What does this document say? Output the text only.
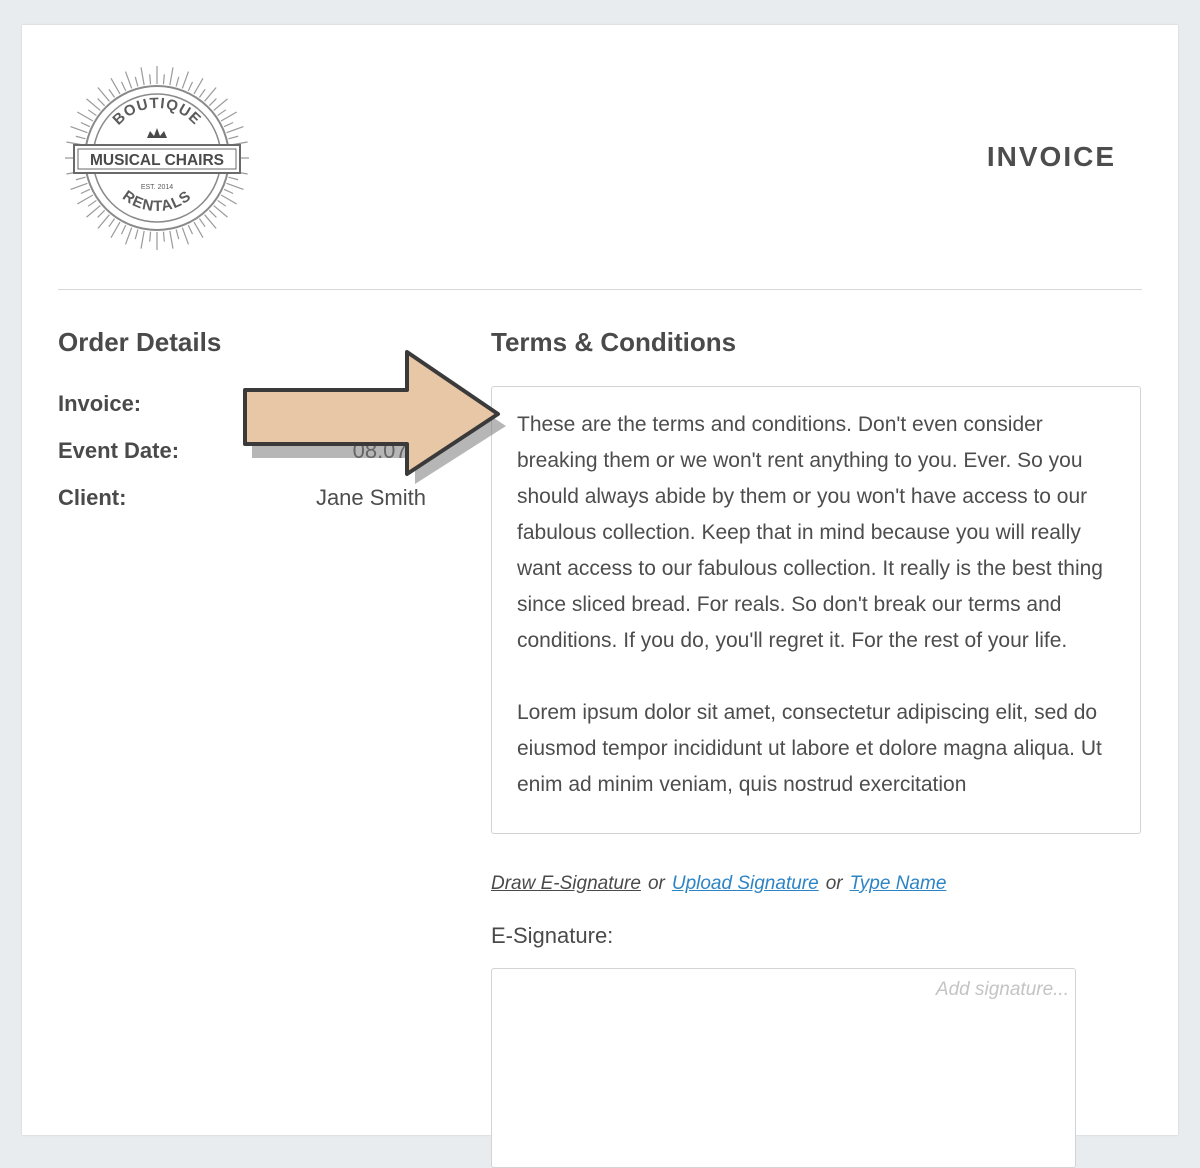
BOUTIQUE
MUSICAL CHAIRS
EST. 2014
RENTALS
INVOICE
Order Details
Invoice:
Event Date:
Client:	Jane Smith
Terms & Conditions

These are the terms and conditions. Don't even consider breaking them or we won't rent anything to you. Ever. So you should always abide by them or you won't have access to our fabulous collection. Keep that in mind because you will really want access to our fabulous collection. It really is the best thing since sliced bread. For reals. So don't break our terms and conditions. If you do, you'll regret it. For the rest of your life.

Lorem ipsum dolor sit amet, consectetur adipiscing elit, sed do eiusmod tempor incididunt ut labore et dolore magna aliqua. Ut enim ad minim veniam, quis nostrud exercitation

Draw E-Signature or Upload Signature or Type Name
E-Signature:
Add signature...
